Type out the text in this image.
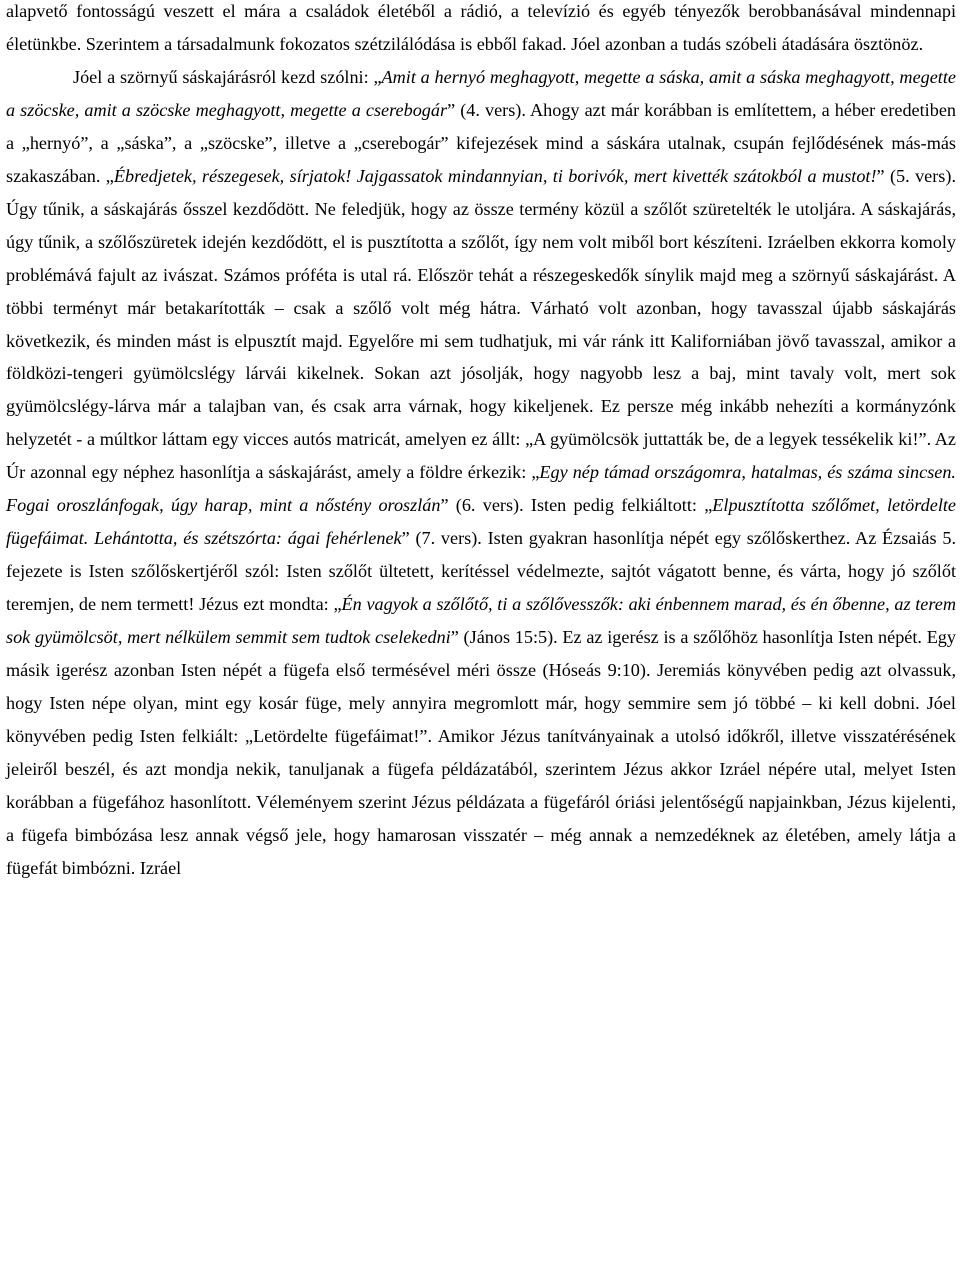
alapvető fontosságú veszett el mára a családok életéből a rádió, a televízió és egyéb tényezők berobbanásával mindennapi életünkbe. Szerintem a társadalmunk fokozatos szétzilálódása is ebből fakad. Jóel azonban a tudás szóbeli átadására ösztönöz.

Jóel a szörnyű sáskajárásról kezd szólni: „Amit a hernyó meghagyott, megette a sáska, amit a sáska meghagyott, megette a szöcske, amit a szöcske meghagyott, megette a cserebogár” (4. vers). Ahogy azt már korábban is említettem, a héber eredetiben a „hernyó”, a „sáska”, a „szöcske”, illetve a „cserebogár” kifejezések mind a sáskára utalnak, csupán fejlődésének más-más szakaszában. „Ébredjetek, részegesek, sírjatok! Jajgassatok mindannyian, ti borivók, mert kivették szátokból a mustot!” (5. vers). Úgy tűnik, a sáskajárás ősszel kezdődött. Ne feledjük, hogy az össze termény közül a szőlőt szüretelték le utoljára. A sáskajárás, úgy tűnik, a szőlőszüretek idején kezdődött, el is pusztította a szőlőt, így nem volt miből bort készíteni. Izráelben ekkorra komoly problémává fajult az ivászat. Számos próféta is utal rá. Először tehát a részegeskedők sínylik majd meg a szörnyű sáskajárást. A többi terményt már betakarították – csak a szőlő volt még hátra. Várható volt azonban, hogy tavasszal újabb sáskajárás következik, és minden mást is elpusztít majd. Egyelőre mi sem tudhatjuk, mi vár ránk itt Kaliforniában jövő tavasszal, amikor a földközi-tengeri gyümölcslégy lárvái kikelnek. Sokan azt jósolják, hogy nagyobb lesz a baj, mint tavaly volt, mert sok gyümölcslégy-lárva már a talajban van, és csak arra várnak, hogy kikeljenek. Ez persze még inkább nehezíti a kormányzónk helyzetét - a múltkor láttam egy vicces autós matricát, amelyen ez állt: „A gyümölcsök juttatták be, de a legyek tessékelik ki!”. Az Úr azonnal egy néphez hasonlítja a sáskajárást, amely a földre érkezik: „Egy nép támad országomra, hatalmas, és száma sincsen. Fogai oroszlánfogak, úgy harap, mint a nőstény oroszlán” (6. vers). Isten pedig felkiáltott: „Elpusztította szőlőmet, letördelte fügefáimat. Lehántotta, és szétszórta: ágai fehérlenek” (7. vers). Isten gyakran hasonlítja népét egy szőlőskerthez. Az Ézsaiás 5. fejezete is Isten szőlőskertjéről szól: Isten szőlőt ültetett, kerítéssel védelmezte, sajtót vágatott benne, és várta, hogy jó szőlőt teremjen, de nem termett! Jézus ezt mondta: „Én vagyok a szőlőtő, ti a szőlővesszők: aki énbennem marad, és én őbenne, az terem sok gyümölcsöt, mert nélkülem semmit sem tudtok cselekedni” (János 15:5). Ez az igerész is a szőlőhöz hasonlítja Isten népét. Egy másik igerész azonban Isten népét a fügefa első termésével méri össze (Hóseás 9:10). Jeremiás könyvében pedig azt olvassuk, hogy Isten népe olyan, mint egy kosár füge, mely annyira megromlott már, hogy semmire sem jó többé – ki kell dobni. Jóel könyvében pedig Isten felkiált: „Letördelte fügefáimat!”. Amikor Jézus tanítványainak a utolsó időkről, illetve visszatérésének jeleiről beszél, és azt mondja nekik, tanuljanak a fügefa példázatából, szerintem Jézus akkor Izráel népére utal, melyet Isten korábban a fügefához hasonlított. Véleményem szerint Jézus példázata a fügefáról óriási jelentőségű napjainkban, Jézus kijelenti, a fügefa bimbózása lesz annak végső jele, hogy hamarosan visszatér – még annak a nemzedéknek az életében, amely látja a fügefát bimbózni. Izráel
